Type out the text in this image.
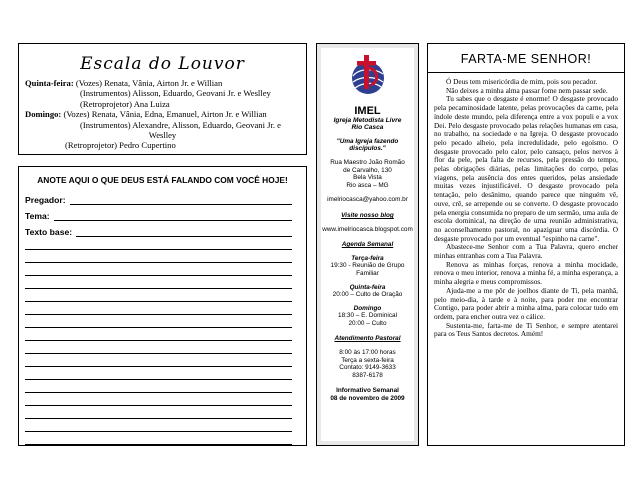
Escala do Louvor
Quinta-feira: (Vozes) Renata, Vânia, Airton Jr. e Willian
(Instrumentos) Alisson, Eduardo, Geovani Jr. e Weslley
(Retroprojetor) Ana Luiza
Domingo: (Vozes) Renata, Vânia, Edna, Emanuel, Airton Jr. e Willian
(Instrumentos) Alexandre, Alisson, Eduardo, Geovani Jr. e
Weslley
(Retroprojetor) Pedro Cupertino
ANOTE AQUI O QUE DEUS ESTÁ FALANDO COM VOCÊ HOJE!
Pregador:
Tema:
Texto base:
IMEL
Igreja Metodista Livre
Rio Casca
"Uma Igreja fazendo
discípulos."
Rua Maestro João Romão
de Carvalho, 130
Bela Vista
Rio asca – MG
imelriocasca@yahoo.com.br
Visite nosso blog
www.imelriocasca.blogspot.com
Agenda Semanal
Terça-feira
19:30 - Reunião de Grupo
Familiar
Quinta-feira
20:00 – Culto de Oração
Domingo
18:30 – E. Dominical
20:00 – Culto
Atendimento Pastoral
8:00 às 17:00 horas
Terça a sexta-feira
Contato: 9149-3633
8387-6178
Informativo Semanal
08 de novembro de 2009
FARTA-ME SENHOR!

Ó Deus tem misericórdia de mim, pois sou pecador.

Não deixes a minha alma passar fome nem passar sede.

Tu sabes que o desgaste é enorme! O desgaste provocado pela pecaminosidade latente, pelas provocações da carne, pela índole deste mundo, pela diferença entre a vox populi e a vox Dei. Pelo desgaste provocado pelas relações humanas em casa, no trabalho, na sociedade e na Igreja. O desgaste provocado pelo pecado alheio, pela incredulidade, pelo egoísmo. O desgaste provocado pelo calor, pelo cansaço, pelos nervos à flor da pele, pela falta de recursos, pela pressão do tempo, pelas obrigações diárias, pelas limitações do corpo, pelas viagens, pela ausência dos entes queridos, pelas ansiedade muitas vezes injustificável. O desgaste provocado pela tentação, pelo desânimo, quando parece que ninguém vê, ouve, crê, se arrepende ou se converte. O desgaste provocado pela energia consumida no preparo de um sermão, uma aula de escola dominical, na direção de uma reunião administrativa, no aconselhamento pastoral, no apaziguar uma discórdia. O desgaste provocado por um eventual "espinho na carne".

Abastece-me Senhor com a Tua Palavra, quero encher minhas entranhas com a Tua Palavra.

Renova as minhas forças, renova a minha mocidade, renova o meu interior, renova a minha fé, a minha esperança, a minha alegria e meus compromissos.

Ajuda-me a me pôr de joelhos diante de Ti, pela manhã, pelo meio-dia, à tarde e à noite, para poder me encontrar Contigo, para poder abrir a minha alma, para colocar tudo em ordem, para encher outra vez o cálice.

Sustenta-me, farta-me de Ti Senhor, e sempre atentarei para os Teus Santos decretos. Amém!
